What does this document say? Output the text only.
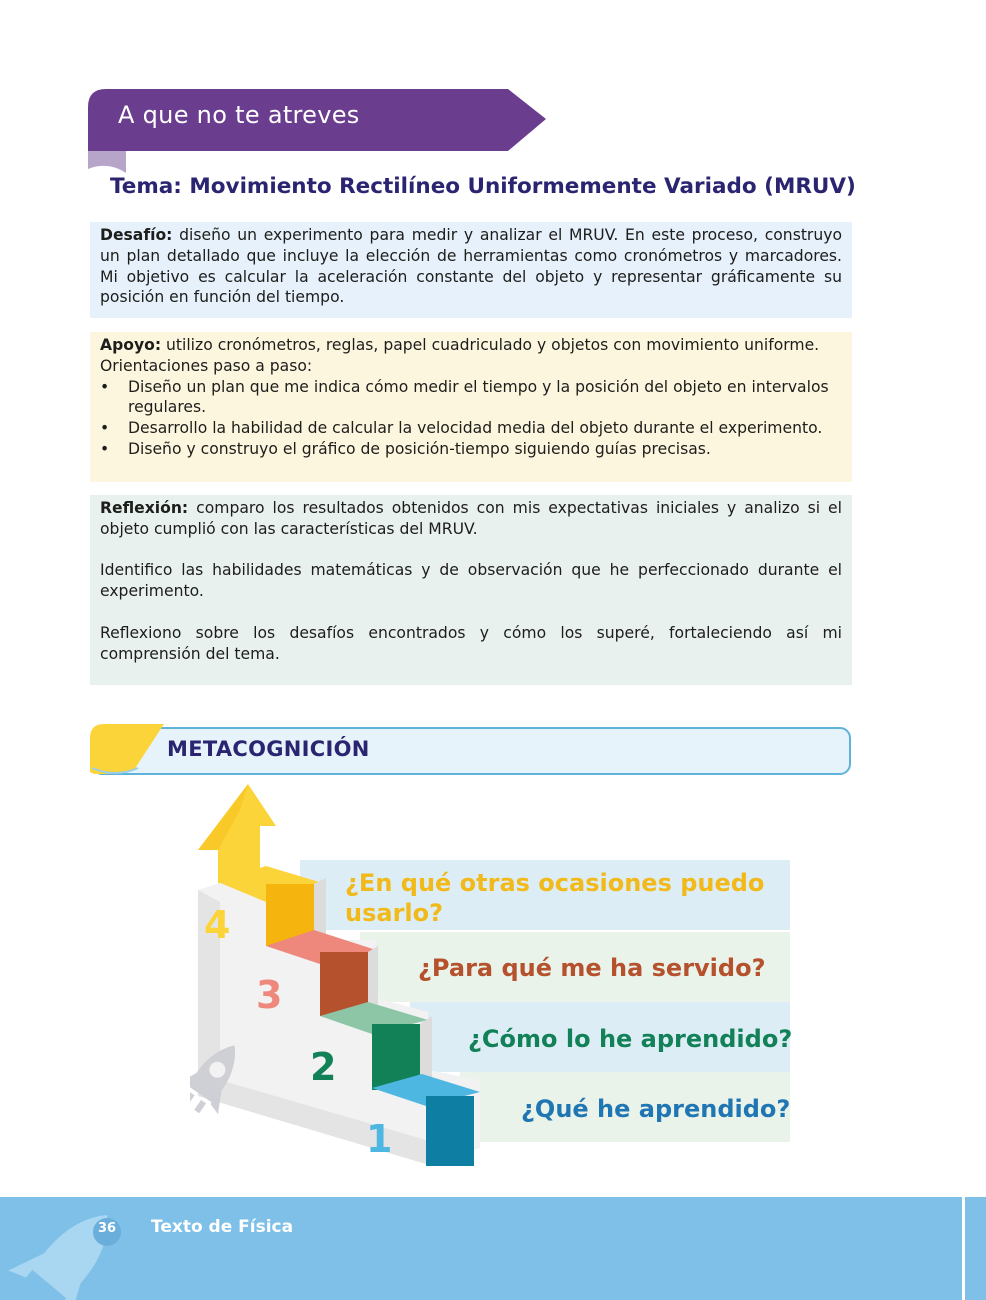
A que no te atreves
Tema: Movimiento Rectilíneo Uniformemente Variado (MRUV)

Desafío: diseño un experimento para medir y analizar el MRUV. En este proceso, construyo un plan detallado que incluye la elección de herramientas como cronómetros y marcadores. Mi objetivo es calcular la aceleración constante del objeto y representar gráficamente su posición en función del tiempo.

Apoyo: utilizo cronómetros, reglas, papel cuadriculado y objetos con movimiento uniforme.

Orientaciones paso a paso:

• Diseño un plan que me indica cómo medir el tiempo y la posición del objeto en intervalos regulares.
• Desarrollo la habilidad de calcular la velocidad media del objeto durante el experimento.
• Diseño y construyo el gráfico de posición-tiempo siguiendo guías precisas.

Reflexión: comparo los resultados obtenidos con mis expectativas iniciales y analizo si el objeto cumplió con las características del MRUV.

Identifico las habilidades matemáticas y de observación que he perfeccionado durante el experimento.

Reflexiono sobre los desafíos encontrados y cómo los superé, fortaleciendo así mi comprensión del tema.

METACOGNICIÓN
4
3
2
1
¿En qué otras ocasiones puedo
usarlo?
¿Para qué me ha servido?
¿Cómo lo he aprendido?
¿Qué he aprendido?
36 Texto de Física
